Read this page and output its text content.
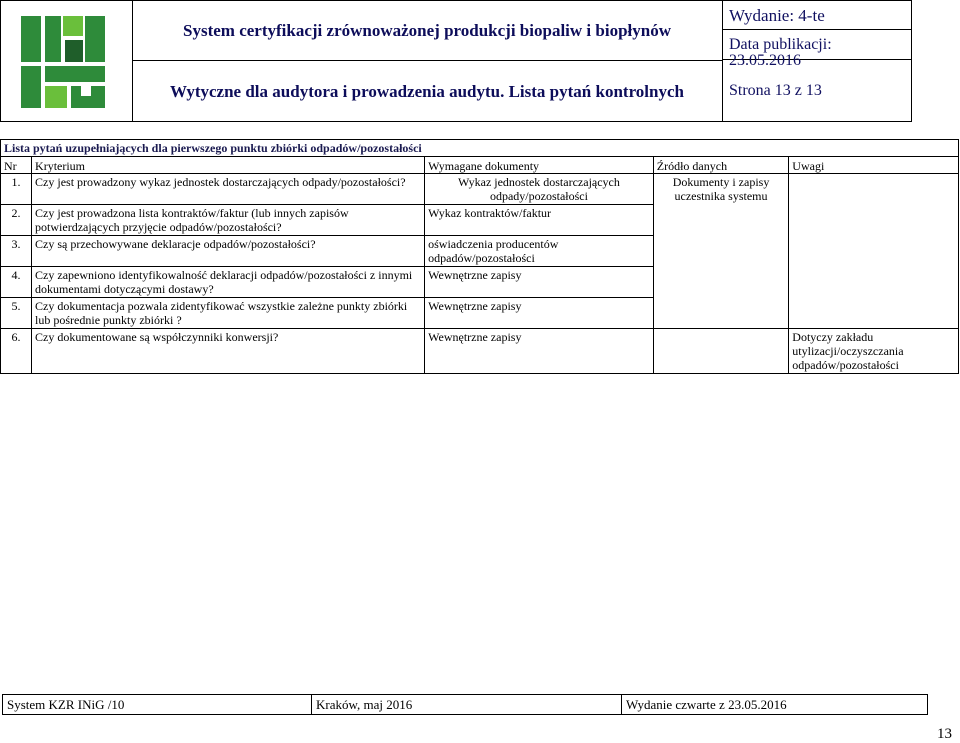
System certyfikacji zrównoważonej produkcji biopaliw i biopłynów
Wytyczne dla audytora i prowadzenia audytu. Lista pytań kontrolnych
Wydanie: 4-te
Data publikacji:
23.05.2016
Strona 13 z 13
Lista pytań uzupełniających dla pierwszego punktu zbiórki odpadów/pozostałości				
Nr	Kryterium	Wymagane dokumenty	Źródło danych	Uwagi
1.	Czy jest prowadzony wykaz jednostek dostarczających odpady/pozostałości?	Wykaz jednostek dostarczających odpady/pozostałości	Dokumenty i zapisy uczestnika systemu	
2.	Czy jest prowadzona lista kontraktów/faktur (lub innych zapisów potwierdzających przyjęcie odpadów/pozostałości?	Wykaz kontraktów/faktur		
3.	Czy są przechowywane deklaracje odpadów/pozostałości?	oświadczenia producentów odpadów/pozostałości		
4.	Czy zapewniono identyfikowalność deklaracji odpadów/pozostałości z innymi dokumentami dotyczącymi dostawy?	Wewnętrzne zapisy		
5.	Czy dokumentacja pozwala zidentyfikować wszystkie zależne punkty zbiórki lub pośrednie punkty zbiórki ?	Wewnętrzne zapisy		
6.	Czy dokumentowane są współczynniki konwersji?	Wewnętrzne zapisy		Dotyczy zakładu utylizacji/oczyszczania odpadów/pozostałości
System KZR INiG /10	Kraków, maj 2016	Wydanie czwarte z 23.05.2016
13
